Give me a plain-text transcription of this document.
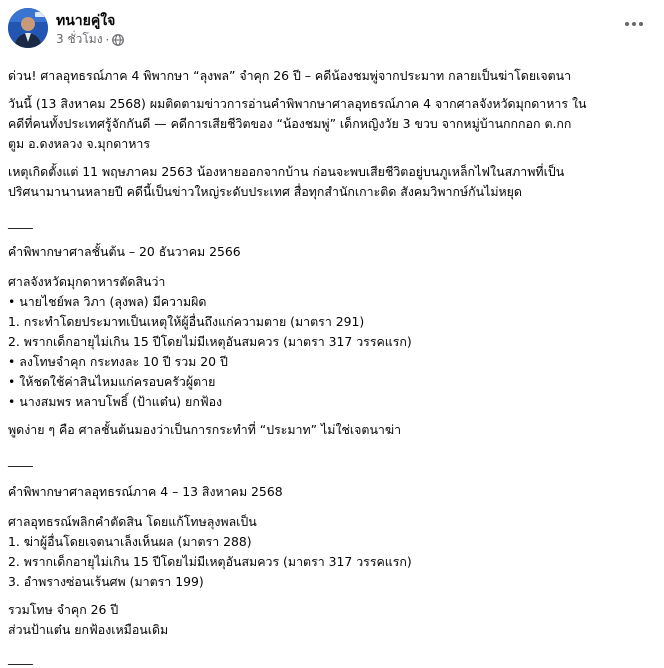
ทนายคู่ใจ
3 ชั่วโมง ·

ด่วน! ศาลอุทธรณ์ภาค 4 พิพากษา “ลุงพล” จำคุก 26 ปี – คดีน้องชมพู่จากประมาท กลายเป็นฆ่าโดยเจตนา

วันนี้ (13 สิงหาคม 2568) ผมติดตามข่าวการอ่านคำพิพากษาศาลอุทธรณ์ภาค 4 จากศาลจังหวัดมุกดาหาร ใน

คดีที่คนทั้งประเทศรู้จักกันดี — คดีการเสียชีวิตของ “น้องชมพู่” เด็กหญิงวัย 3 ขวบ จากหมู่บ้านกกกอก ต.กก

ตูม อ.ดงหลวง จ.มุกดาหาร

เหตุเกิดตั้งแต่ 11 พฤษภาคม 2563 น้องหายออกจากบ้าน ก่อนจะพบเสียชีวิตอยู่บนภูเหล็กไฟในสภาพที่เป็น

ปริศนามานานหลายปี คดีนี้เป็นข่าวใหญ่ระดับประเทศ สื่อทุกสำนักเกาะติด สังคมวิพากษ์กันไม่หยุด

____

คำพิพากษาศาลชั้นต้น – 20 ธันวาคม 2566

ศาลจังหวัดมุกดาหารตัดสินว่า

• นายไชย์พล วิภา (ลุงพล) มีความผิด

1. กระทำโดยประมาทเป็นเหตุให้ผู้อื่นถึงแก่ความตาย (มาตรา 291)

2. พรากเด็กอายุไม่เกิน 15 ปีโดยไม่มีเหตุอันสมควร (มาตรา 317 วรรคแรก)

• ลงโทษจำคุก กระทงละ 10 ปี รวม 20 ปี

• ให้ชดใช้ค่าสินไหมแก่ครอบครัวผู้ตาย

• นางสมพร หลาบโพธิ์ (ป้าแต๋น) ยกฟ้อง

พูดง่าย ๆ คือ ศาลชั้นต้นมองว่าเป็นการกระทำที่ “ประมาท” ไม่ใช่เจตนาฆ่า

____

คำพิพากษาศาลอุทธรณ์ภาค 4 – 13 สิงหาคม 2568

ศาลอุทธรณ์พลิกคำตัดสิน โดยแก้โทษลุงพลเป็น

1. ฆ่าผู้อื่นโดยเจตนาเล็งเห็นผล (มาตรา 288)

2. พรากเด็กอายุไม่เกิน 15 ปีโดยไม่มีเหตุอันสมควร (มาตรา 317 วรรคแรก)

3. อำพรางซ่อนเร้นศพ (มาตรา 199)

รวมโทษ จำคุก 26 ปี

ส่วนป้าแต๋น ยกฟ้องเหมือนเดิม

____
